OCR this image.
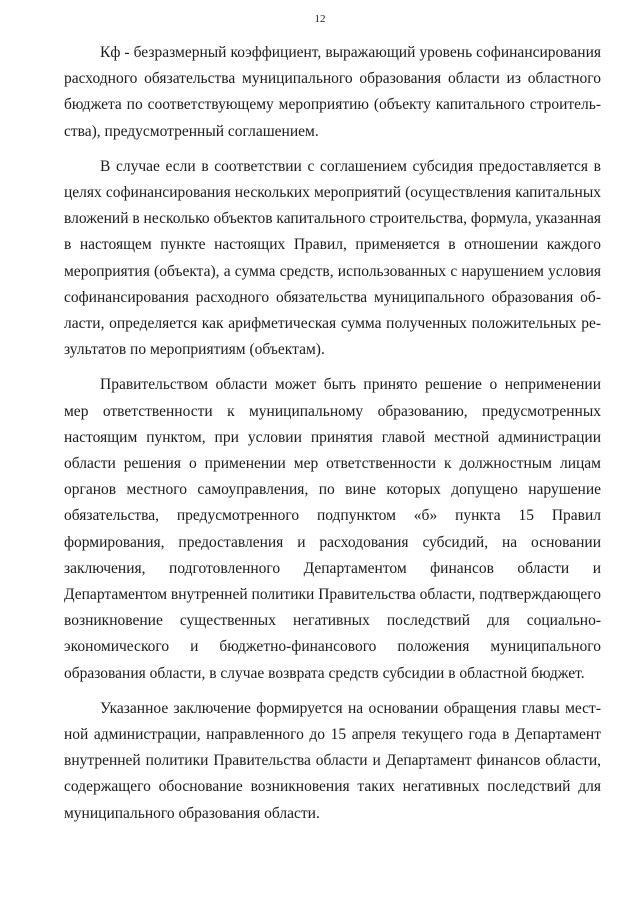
12

Кф - безразмерный коэффициент, выражающий уровень софинансирования расходного обязательства муниципального образования области из областного бюджета по соответствующему мероприятию (объекту капитального строительства), предусмотренный соглашением.

В случае если в соответствии с соглашением субсидия предоставляется в целях софинансирования нескольких мероприятий (осуществления капитальных вложений в несколько объектов капитального строительства, формула, указанная в настоящем пункте настоящих Правил, применяется в отношении каждого мероприятия (объекта), а сумма средств, использованных с нарушением условия софинансирования расходного обязательства муниципального образования области, определяется как арифметическая сумма полученных положительных результатов по мероприятиям (объектам).

Правительством области может быть принято решение о неприменении мер ответственности к муниципальному образованию, предусмотренных настоящим пунктом, при условии принятия главой местной администрации области решения о применении мер ответственности к должностным лицам органов местного самоуправления, по вине которых допущено нарушение обязательства, предусмотренного подпунктом «б» пункта 15 Правил формирования, предоставления и расходования субсидий, на основании заключения, подготовленного Департаментом финансов области и Департаментом внутренней политики Правительства области, подтверждающего возникновение существенных негативных последствий для социально-экономического и бюджетно-финансового положения муниципального образования области, в случае возврата средств субсидии в областной бюджет.

Указанное заключение формируется на основании обращения главы местной администрации, направленного до 15 апреля текущего года в Департамент внутренней политики Правительства области и Департамент финансов области, содержащего обоснование возникновения таких негативных последствий для муниципального образования области.
